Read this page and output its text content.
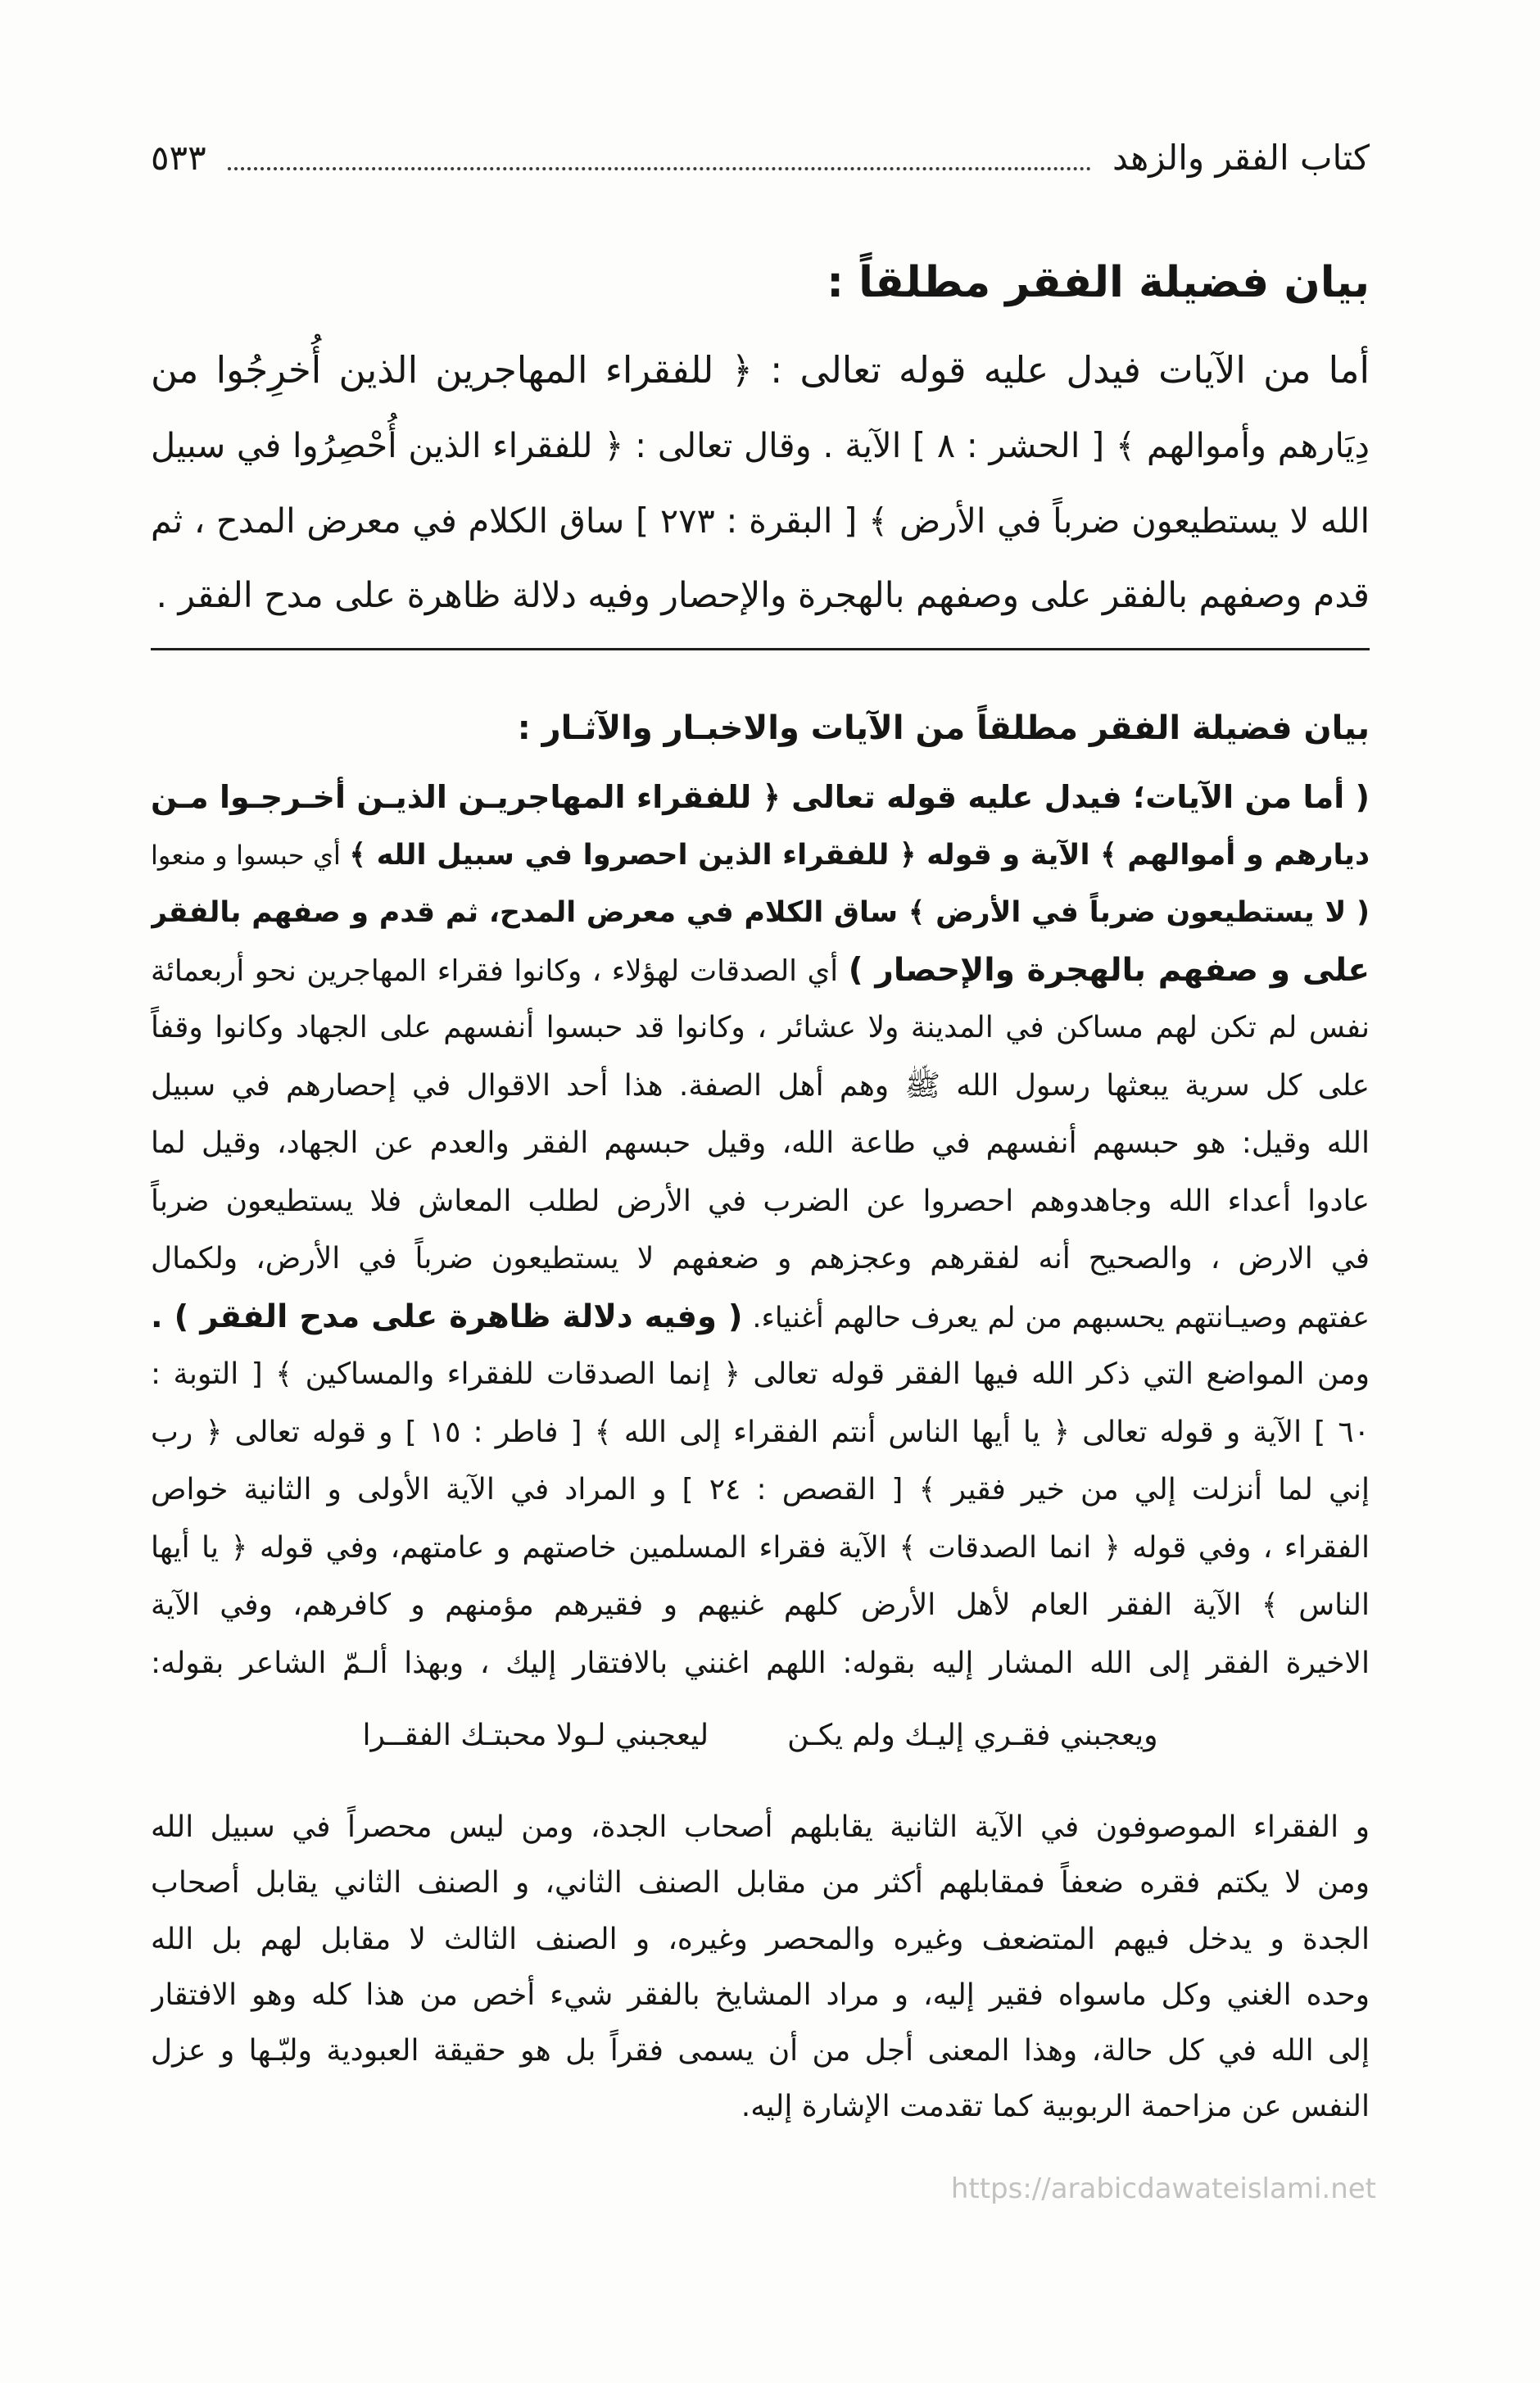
كتاب الفقر والزهد
٥٣٣
بيان فضيلة الفقر مطلقاً :
أما من الآيات فيدل عليه قوله تعالى : ﴿ للفقراء المهاجرين الذين أُخرِجُوا من
دِيَارهم وأموالهم ﴾ [ الحشر : ٨ ] الآية . وقال تعالى : ﴿ للفقراء الذين أُحْصِرُوا في سبيل
الله لا يستطيعون ضرباً في الأرض ﴾ [ البقرة : ٢٧٣ ] ساق الكلام في معرض المدح ، ثم
قدم وصفهم بالفقر على وصفهم بالهجرة والإحصار وفيه دلالة ظاهرة على مدح الفقر .
بيان فضيلة الفقر مطلقاً من الآيات والاخبـار والآثـار :
( أما من الآيات؛ فيدل عليه قوله تعالى ﴿ للفقراء المهاجريـن الذيـن أخـرجـوا مـن
ديارهم و أموالهم ﴾ الآية و قوله ﴿ للفقراء الذين احصروا في سبيل الله ﴾ أي حبسوا و منعوا
( لا يستطيعون ضرباً في الأرض ﴾ ساق الكلام في معرض المدح، ثم قدم و صفهم بالفقر
على و صفهم بالهجرة والإحصار ) أي الصدقات لهؤلاء ، وكانوا فقراء المهاجرين نحو أربعمائة
نفس لم تكن لهم مساكن في المدينة ولا عشائر ، وكانوا قد حبسوا أنفسهم على الجهاد وكانوا وقفاً
على كل سرية يبعثها رسول الله ﷺ وهم أهل الصفة. هذا أحد الاقوال في إحصارهم في سبيل
الله وقيل: هو حبسهم أنفسهم في طاعة الله، وقيل حبسهم الفقر والعدم عن الجهاد، وقيل لما
عادوا أعداء الله وجاهدوهم احصروا عن الضرب في الأرض لطلب المعاش فلا يستطيعون ضرباً
في الارض ، والصحيح أنه لفقرهم وعجزهم و ضعفهم لا يستطيعون ضرباً في الأرض، ولكمال
عفتهم وصيـانتهم يحسبهم من لم يعرف حالهم أغنياء. ( وفيه دلالة ظاهرة على مدح الفقر ) .
ومن المواضع التي ذكر الله فيها الفقر قوله تعالى ﴿ إنما الصدقات للفقراء والمساكين ﴾ [ التوبة :
٦٠ ] الآية و قوله تعالى ﴿ يا أيها الناس أنتم الفقراء إلى الله ﴾ [ فاطر : ١٥ ] و قوله تعالى ﴿ رب
إني لما أنزلت إلي من خير فقير ﴾ [ القصص : ٢٤ ] و المراد في الآية الأولى و الثانية خواص
الفقراء ، وفي قوله ﴿ انما الصدقات ﴾ الآية فقراء المسلمين خاصتهم و عامتهم، وفي قوله ﴿ يا أيها
الناس ﴾ الآية الفقر العام لأهل الأرض كلهم غنيهم و فقيرهم مؤمنهم و كافرهم، وفي الآية
الاخيرة الفقر إلى الله المشار إليه بقوله: اللهم اغنني بالافتقار إليك ، وبهذا ألـمّ الشاعر بقوله:
ويعجبني فقـري إليـك ولم يكـن
ليعجبني لـولا محبتـك الفقــرا
و الفقراء الموصوفون في الآية الثانية يقابلهم أصحاب الجدة، ومن ليس محصراً في سبيل الله
ومن لا يكتم فقره ضعفاً فمقابلهم أكثر من مقابل الصنف الثاني، و الصنف الثاني يقابل أصحاب
الجدة و يدخل فيهم المتضعف وغيره والمحصر وغيره، و الصنف الثالث لا مقابل لهم بل الله
وحده الغني وكل ماسواه فقير إليه، و مراد المشايخ بالفقر شيء أخص من هذا كله وهو الافتقار
إلى الله في كل حالة، وهذا المعنى أجل من أن يسمى فقراً بل هو حقيقة العبودية ولبّـها و عزل
النفس عن مزاحمة الربوبية كما تقدمت الإشارة إليه.
https://arabicdawateislami.net
